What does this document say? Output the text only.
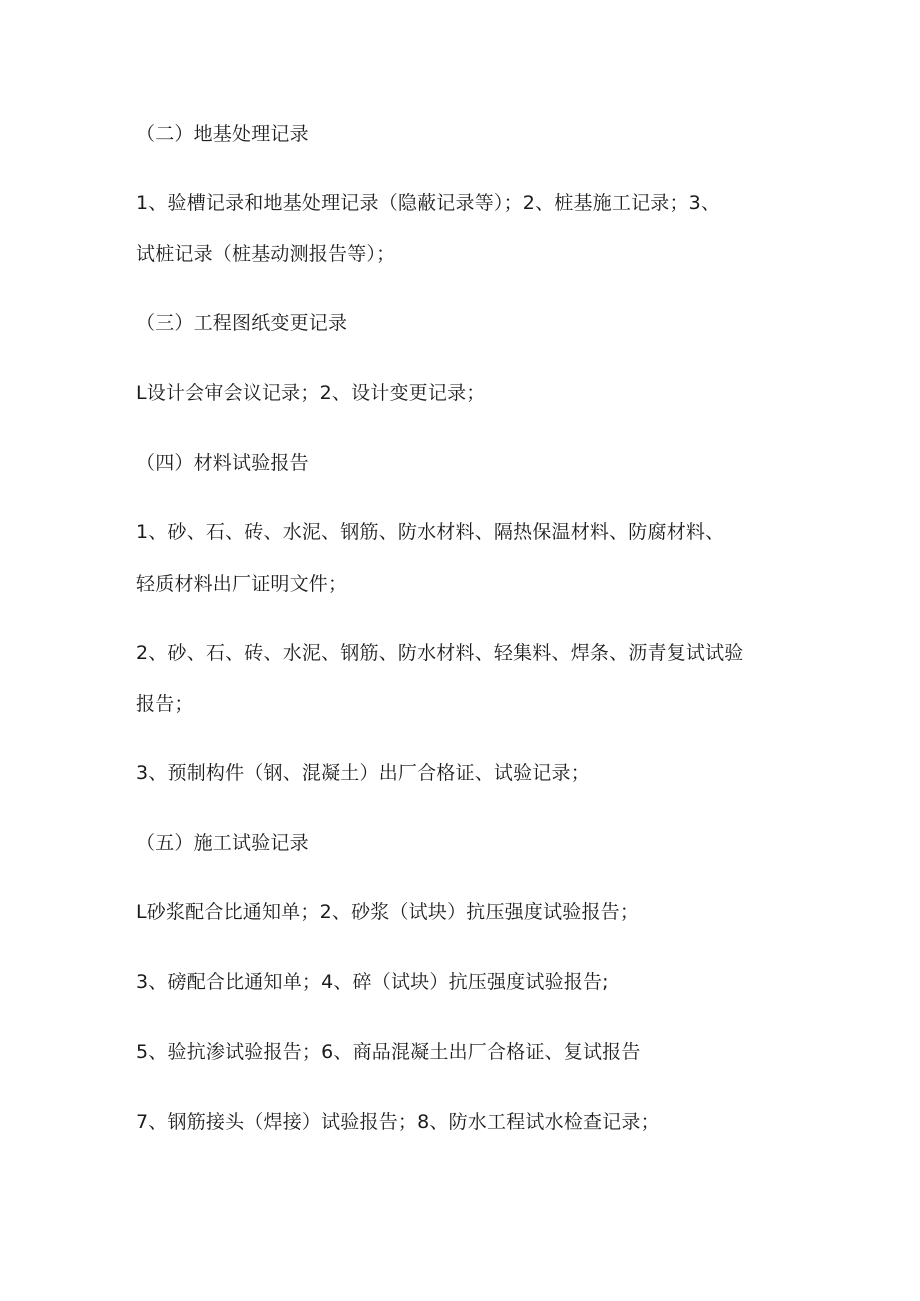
（二）地基处理记录
1、验槽记录和地基处理记录（隐蔽记录等）；2、桩基施工记录；3、
试桩记录（桩基动测报告等）；
（三）工程图纸变更记录
L设计会审会议记录；2、设计变更记录；
（四）材料试验报告
1、砂、石、砖、水泥、钢筋、防水材料、隔热保温材料、防腐材料、
轻质材料出厂证明文件；
2、砂、石、砖、水泥、钢筋、防水材料、轻集料、焊条、沥青复试试验
报告；
3、预制构件（钢、混凝土）出厂合格证、试验记录；
（五）施工试验记录
L砂浆配合比通知单；2、砂浆（试块）抗压强度试验报告；
3、磅配合比通知单；4、碎（试块）抗压强度试验报告;
5、验抗渗试验报告；6、商品混凝土出厂合格证、复试报告
7、钢筋接头（焊接）试验报告；8、防水工程试水检查记录；
